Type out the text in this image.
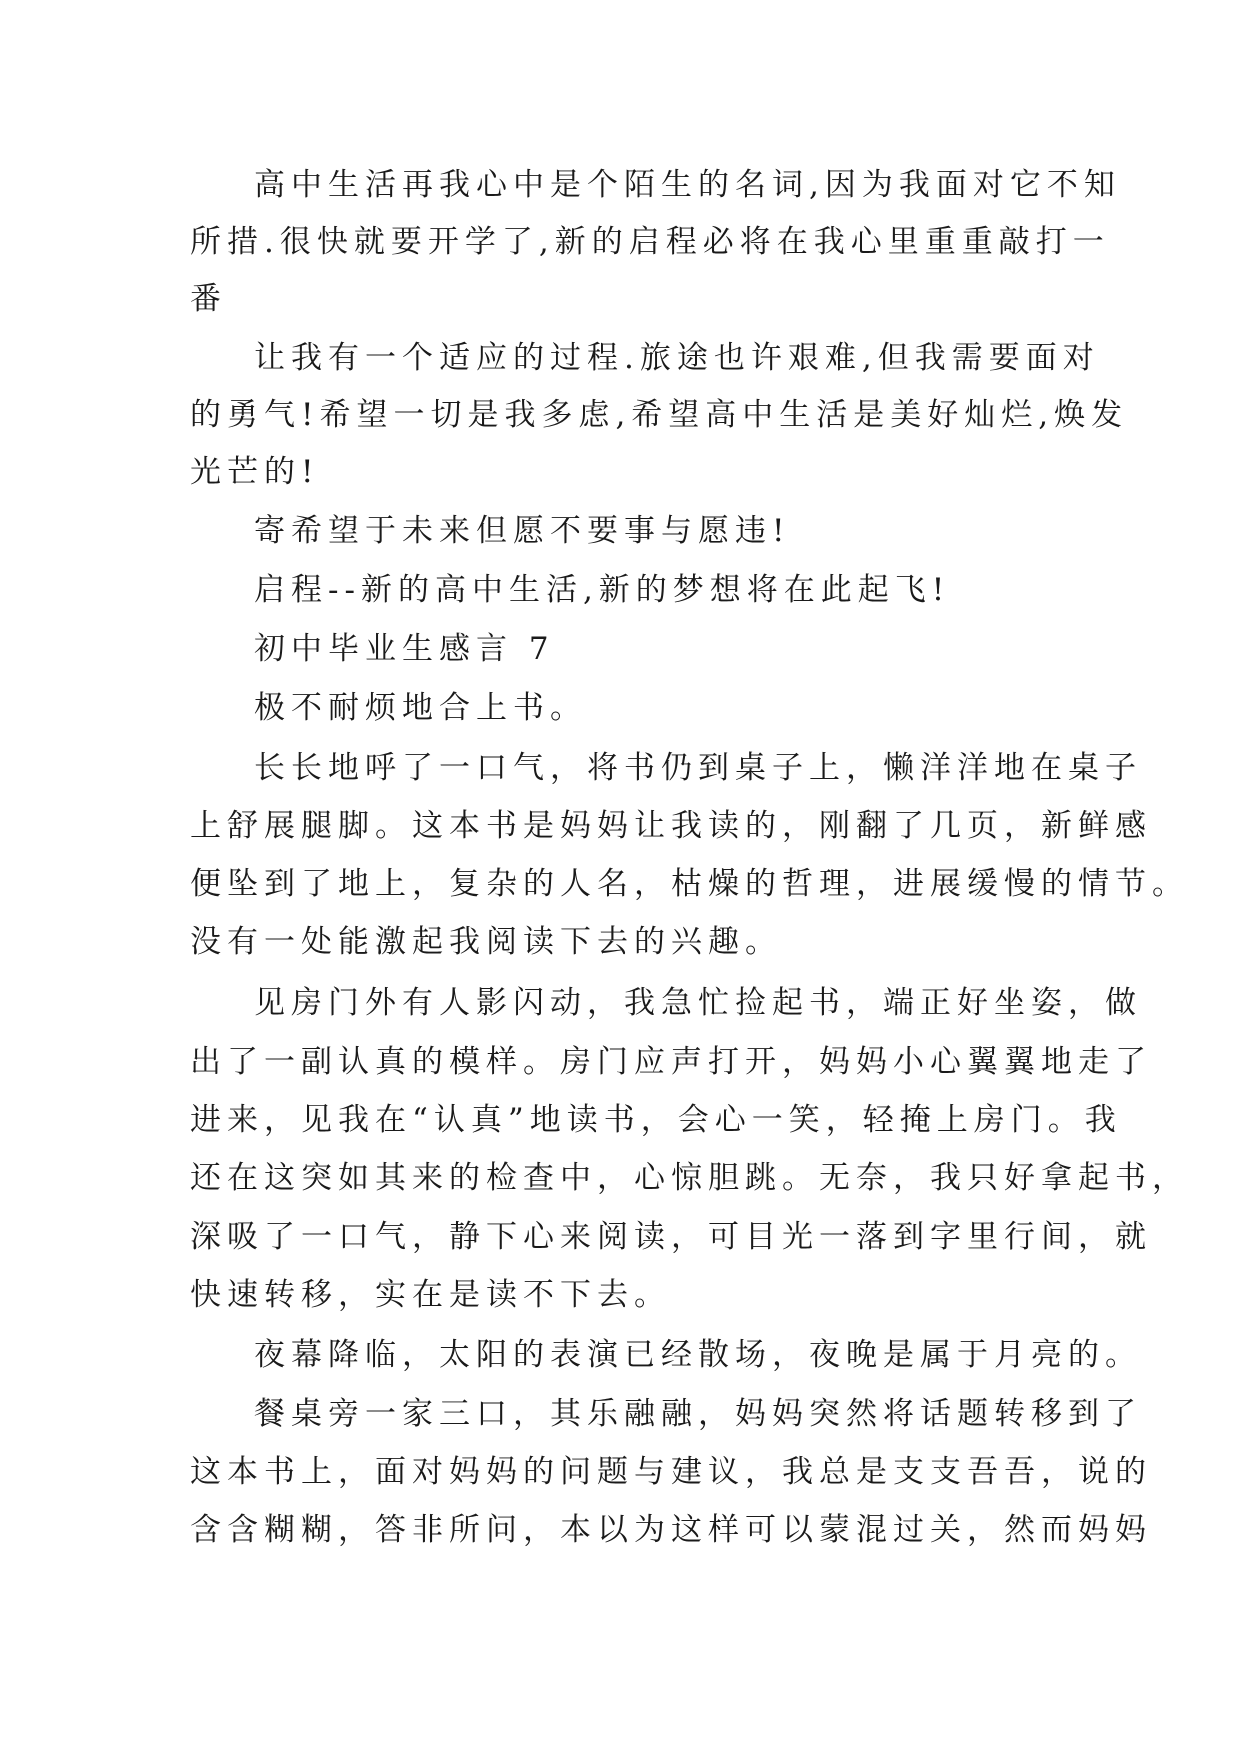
高中生活再我心中是个陌生的名词,因为我面对它不知
所措.很快就要开学了,新的启程必将在我心里重重敲打一
番
让我有一个适应的过程.旅途也许艰难,但我需要面对
的勇气!希望一切是我多虑,希望高中生活是美好灿烂,焕发
光芒的!
寄希望于未来但愿不要事与愿违!
启程--新的高中生活,新的梦想将在此起飞!
初中毕业生感言 7
极不耐烦地合上书。
长长地呼了一口气，将书仍到桌子上，懒洋洋地在桌子
上舒展腿脚。这本书是妈妈让我读的，刚翻了几页，新鲜感
便坠到了地上，复杂的人名，枯燥的哲理，进展缓慢的情节。
没有一处能激起我阅读下去的兴趣。
见房门外有人影闪动，我急忙捡起书，端正好坐姿，做
出了一副认真的模样。房门应声打开，妈妈小心翼翼地走了
进来，见我在“认真”地读书，会心一笑，轻掩上房门。我
还在这突如其来的检查中，心惊胆跳。无奈，我只好拿起书，
深吸了一口气，静下心来阅读，可目光一落到字里行间，就
快速转移，实在是读不下去。
夜幕降临，太阳的表演已经散场，夜晚是属于月亮的。
餐桌旁一家三口，其乐融融，妈妈突然将话题转移到了
这本书上，面对妈妈的问题与建议，我总是支支吾吾，说的
含含糊糊，答非所问，本以为这样可以蒙混过关，然而妈妈
